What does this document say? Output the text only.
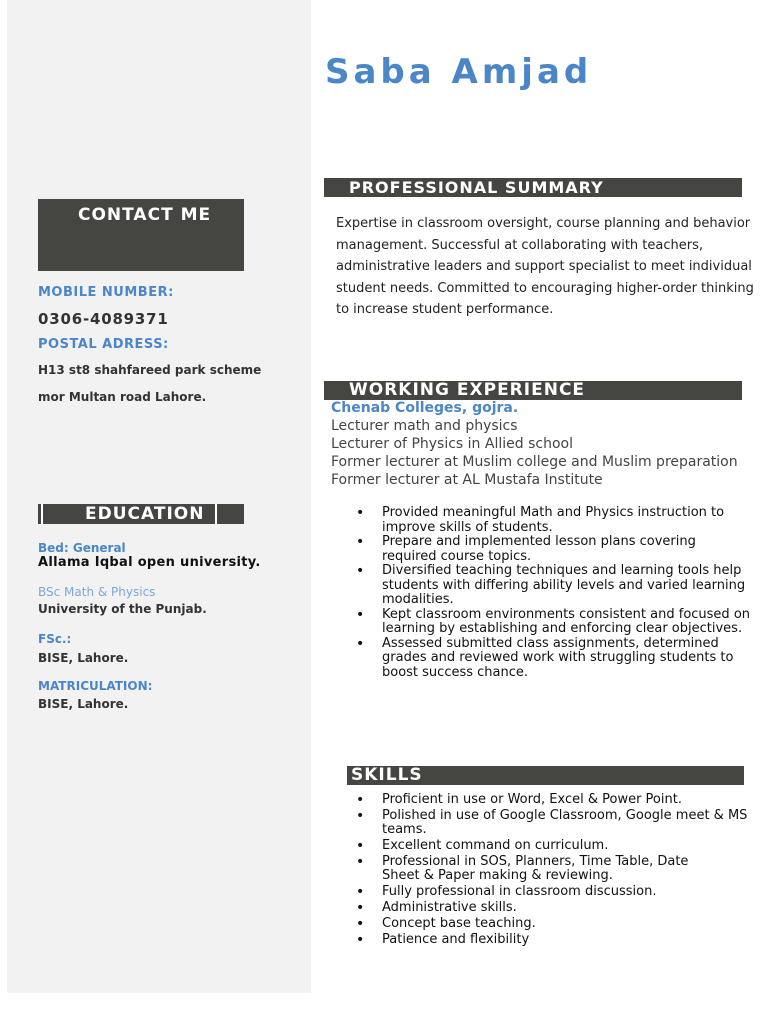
Saba Amjad
CONTACT ME
MOBILE NUMBER:
0306-4089371
POSTAL ADRESS:
H13 st8 shahfareed park scheme
mor Multan road Lahore.
EDUCATION
Bed: General
Allama Iqbal open university.
BSc Math & Physics
University of the Punjab.
FSc.:
BISE, Lahore.
MATRICULATION:
BISE, Lahore.
PROFESSIONAL SUMMARY
Expertise in classroom oversight, course planning and behavior management. Successful at collaborating with teachers, administrative leaders and support specialist to meet individual student needs. Committed to encouraging higher-order thinking to increase student performance.
WORKING EXPERIENCE
Chenab Colleges, gojra.
Lecturer math and physics
Lecturer of Physics in Allied school
Former lecturer at Muslim college and Muslim preparation
Former lecturer at AL Mustafa Institute
• Provided meaningful Math and Physics instruction to improve skills of students.
• Prepare and implemented lesson plans covering required course topics.
• Diversified teaching techniques and learning tools help students with differing ability levels and varied learning modalities.
• Kept classroom environments consistent and focused on learning by establishing and enforcing clear objectives.
• Assessed submitted class assignments, determined grades and reviewed work with struggling students to boost success chance.
SKILLS
• Proficient in use or Word, Excel & Power Point.
• Polished in use of Google Classroom, Google meet & MS teams.
• Excellent command on curriculum.
• Professional in SOS, Planners, Time Table, Date Sheet & Paper making & reviewing.
• Fully professional in classroom discussion.
• Administrative skills.
• Concept base teaching.
• Patience and flexibility
